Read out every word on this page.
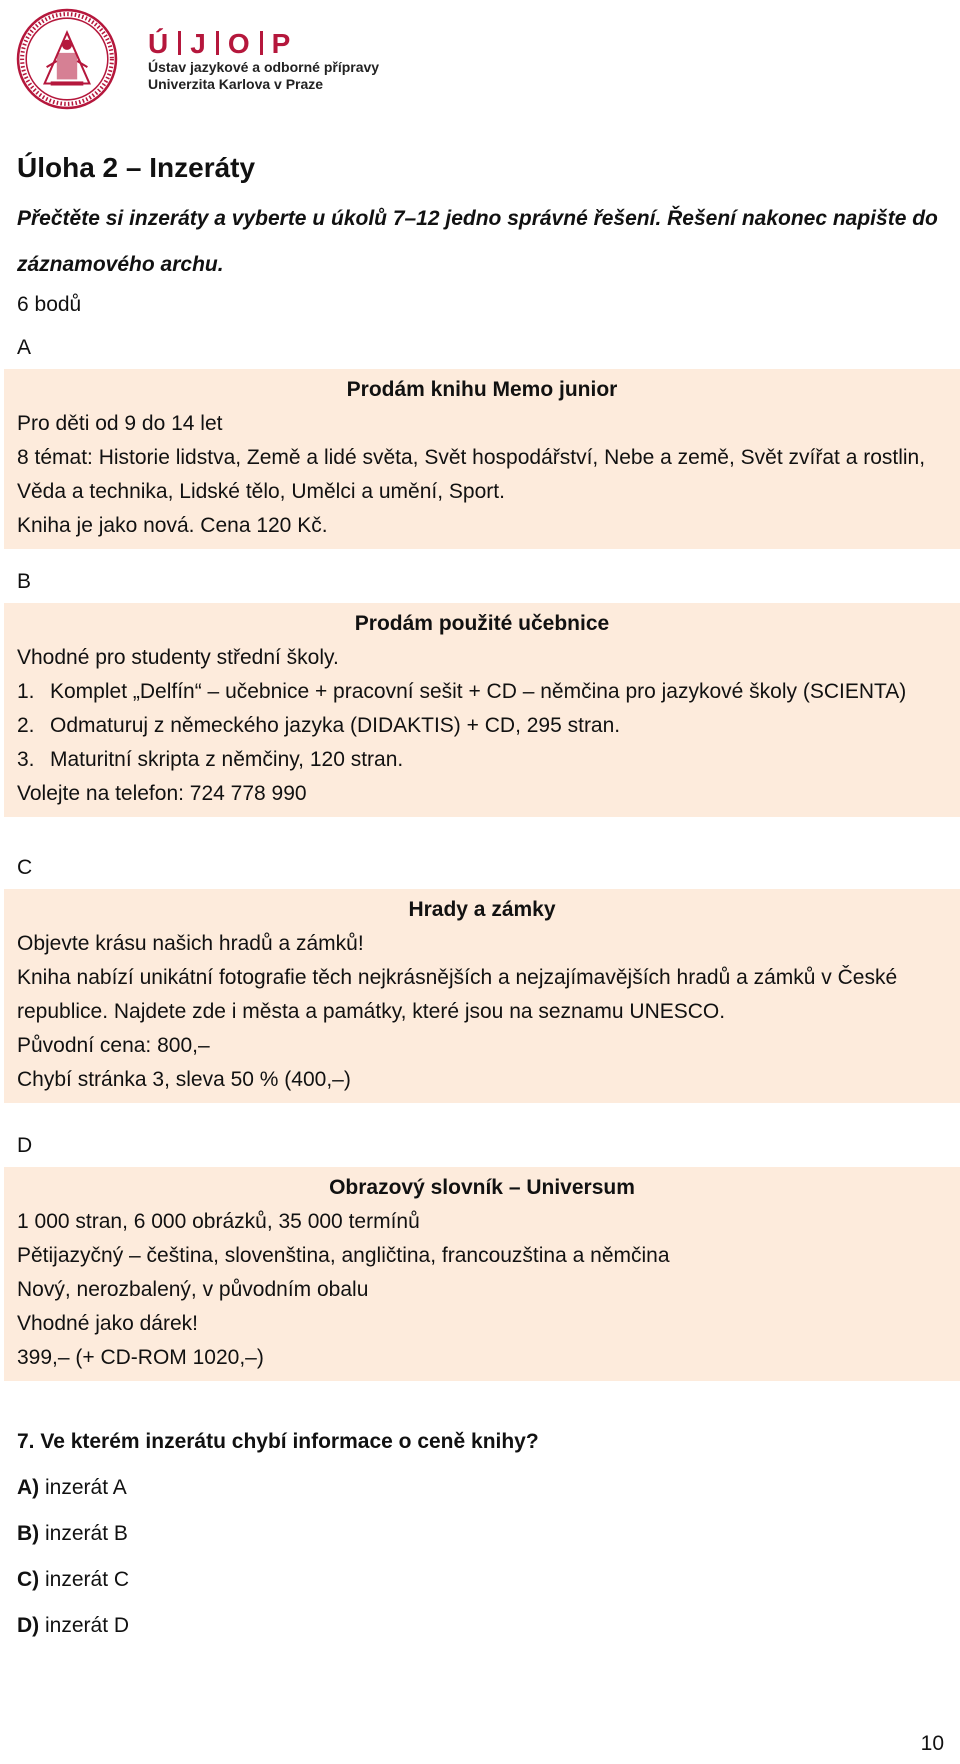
Ú J O P
Ústav jazykové a odborné přípravy
Univerzita Karlova v Praze
Úloha 2 – Inzeráty
Přečtěte si inzeráty a vyberte u úkolů 7–12 jedno správné řešení. Řešení nakonec napište do záznamového archu.
6 bodů
A
Prodám knihu Memo junior
Pro děti od 9 do 14 let
8 témat: Historie lidstva, Země a lidé světa, Svět hospodářství, Nebe a země, Svět zvířat a rostlin, Věda a technika, Lidské tělo, Umělci a umění, Sport.
Kniha je jako nová. Cena 120 Kč.
B
Prodám použité učebnice
Vhodné pro studenty střední školy.
1. Komplet „Delfín“ – učebnice + pracovní sešit + CD – němčina pro jazykové školy (SCIENTA)
2. Odmaturuj z německého jazyka (DIDAKTIS) + CD, 295 stran.
3. Maturitní skripta z němčiny, 120 stran.
Volejte na telefon: 724 778 990
C
Hrady a zámky
Objevte krásu našich hradů a zámků!
Kniha nabízí unikátní fotografie těch nejkrásnějších a nejzajímavějších hradů a zámků v České republice. Najdete zde i města a památky, které jsou na seznamu UNESCO.
Původní cena: 800,–
Chybí stránka 3, sleva 50 % (400,–)
D
Obrazový slovník – Universum
1 000 stran, 6 000 obrázků, 35 000 termínů
Pětijazyčný – čeština, slovenština, angličtina, francouzština a němčina
Nový, nerozbalený, v původním obalu
Vhodné jako dárek!
399,– (+ CD-ROM 1020,–)
7. Ve kterém inzerátu chybí informace o ceně knihy?
A) inzerát A
B) inzerát B
C) inzerát C
D) inzerát D
10
